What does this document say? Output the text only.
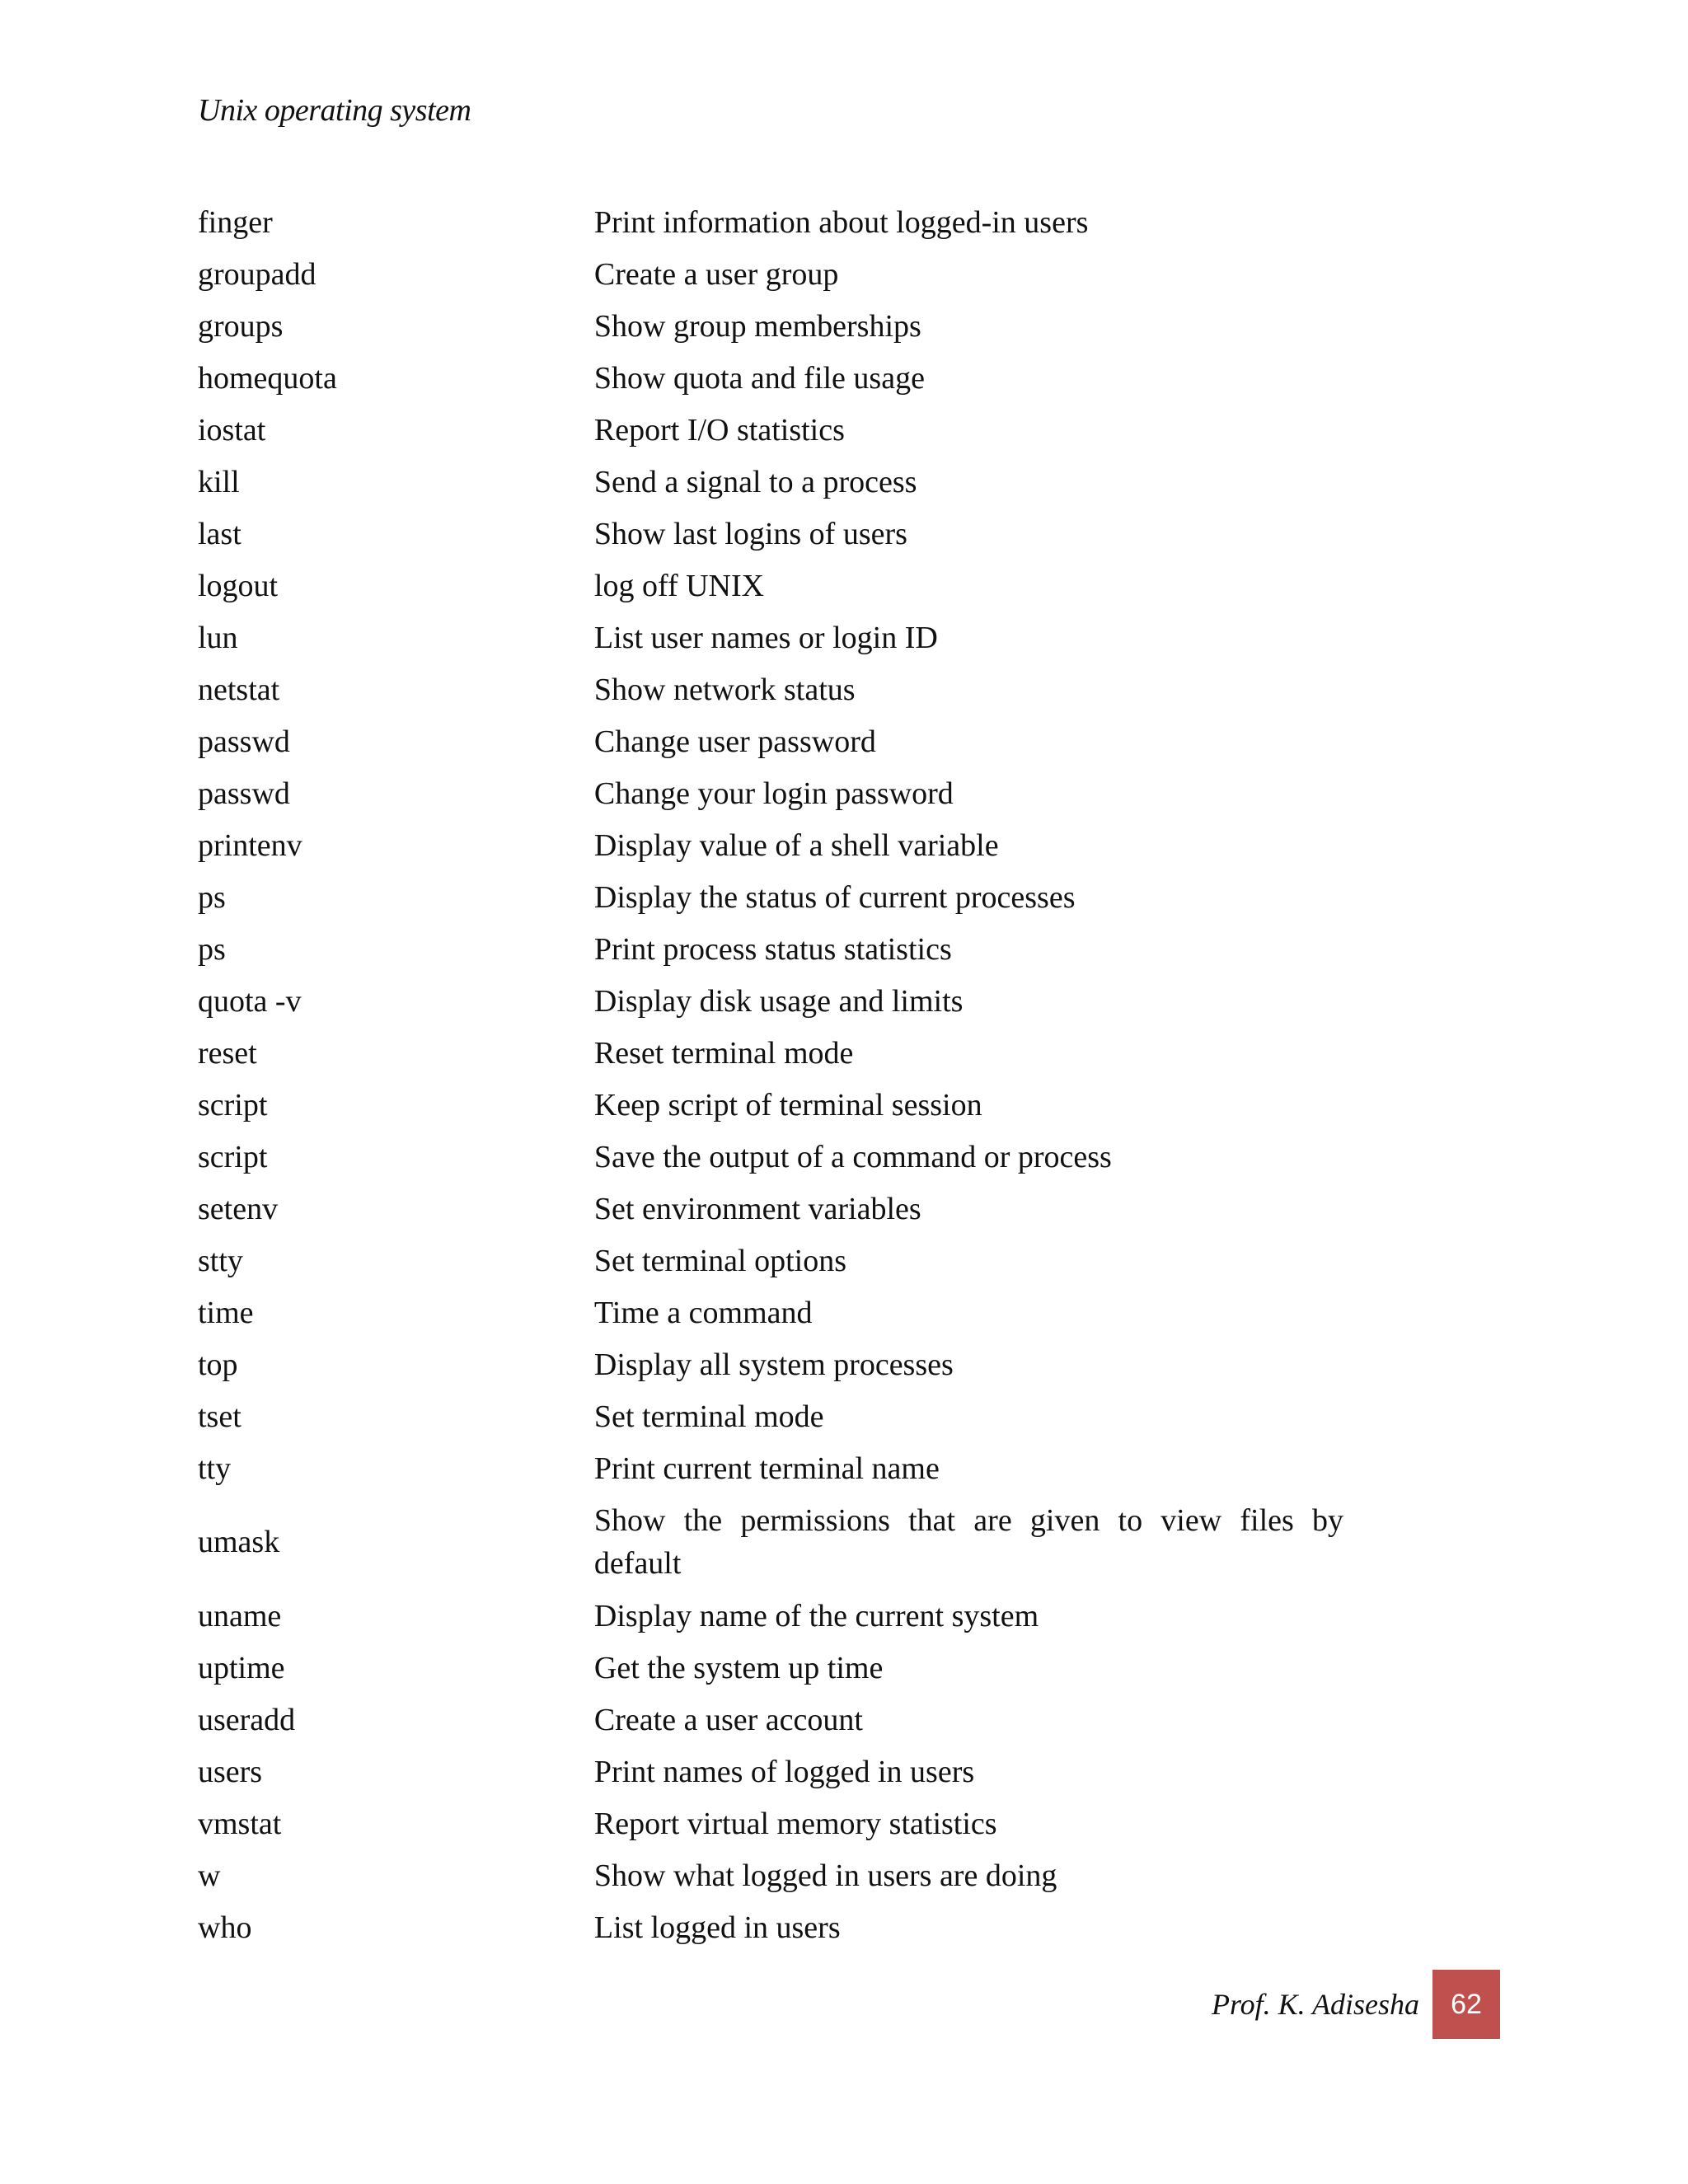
Unix operating system
finger	Print information about logged-in users
groupadd	Create a user group
groups	Show group memberships
homequota	Show quota and file usage
iostat	Report I/O statistics
kill	Send a signal to a process
last	Show last logins of users
logout	log off UNIX
lun	List user names or login ID
netstat	Show network status
passwd	Change user password
passwd	Change your login password
printenv	Display value of a shell variable
ps	Display the status of current processes
ps	Print process status statistics
quota -v	Display disk usage and limits
reset	Reset terminal mode
script	Keep script of terminal session
script	Save the output of a command or process
setenv	Set environment variables
stty	Set terminal options
time	Time a command
top	Display all system processes
tset	Set terminal mode
tty	Print current terminal name
umask	Show the permissions that are given to view files by default
uname	Display name of the current system
uptime	Get the system up time
useradd	Create a user account
users	Print names of logged in users
vmstat	Report virtual memory statistics
w	Show what logged in users are doing
who	List logged in users
Prof. K. Adisesha	62
